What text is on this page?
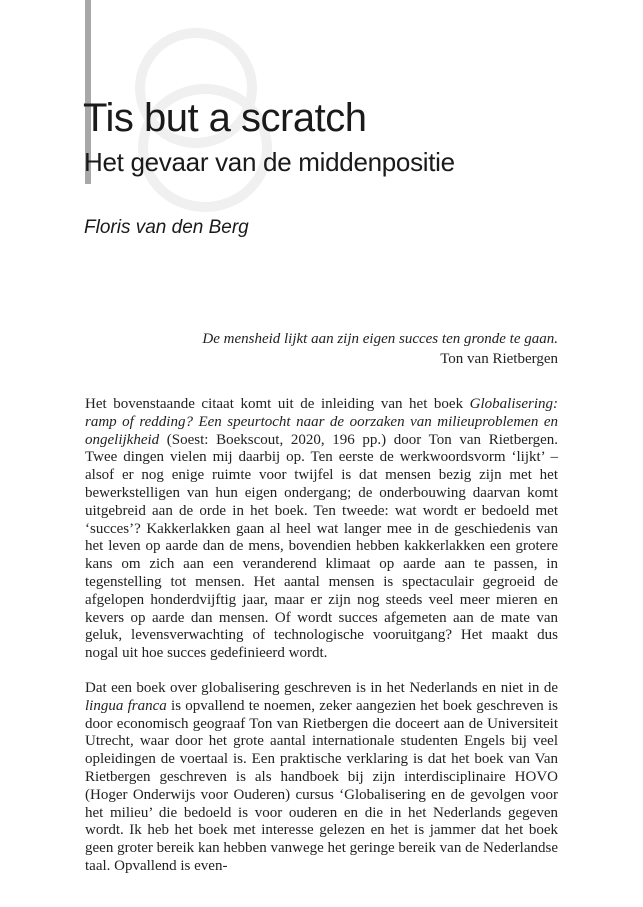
Tis but a scratch
Het gevaar van de middenpositie
Floris van den Berg
De mensheid lijkt aan zijn eigen succes ten gronde te gaan.
Ton van Rietbergen

Het bovenstaande citaat komt uit de inleiding van het boek Globalisering: ramp of redding? Een speurtocht naar de oorzaken van milieuproblemen en ongelijkheid (Soest: Boekscout, 2020, 196 pp.) door Ton van Rietbergen. Twee dingen vielen mij daarbij op. Ten eerste de werkwoordsvorm ‘lijkt’ – alsof er nog enige ruimte voor twijfel is dat mensen bezig zijn met het bewerkstelligen van hun eigen ondergang; de onderbouwing daarvan komt uitgebreid aan de orde in het boek. Ten tweede: wat wordt er bedoeld met ‘succes’? Kakkerlakken gaan al heel wat langer mee in de geschiedenis van het leven op aarde dan de mens, bovendien hebben kakkerlakken een grotere kans om zich aan een veranderend klimaat op aarde aan te passen, in tegenstelling tot mensen. Het aantal mensen is spectaculair gegroeid de afgelopen honderdvijftig jaar, maar er zijn nog steeds veel meer mieren en kevers op aarde dan mensen. Of wordt succes afgemeten aan de mate van geluk, levensverwachting of technologische vooruitgang? Het maakt dus nogal uit hoe succes gedefinieerd wordt.

Dat een boek over globalisering geschreven is in het Nederlands en niet in de lingua franca is opvallend te noemen, zeker aangezien het boek geschreven is door economisch geograaf Ton van Rietbergen die doceert aan de Universiteit Utrecht, waar door het grote aantal internationale studenten Engels bij veel opleidingen de voertaal is. Een praktische verklaring is dat het boek van Van Rietbergen geschreven is als handboek bij zijn interdisciplinaire HOVO (Hoger Onderwijs voor Ouderen) cursus ‘Globalisering en de gevolgen voor het milieu’ die bedoeld is voor ouderen en die in het Nederlands gegeven wordt. Ik heb het boek met interesse gelezen en het is jammer dat het boek geen groter bereik kan hebben vanwege het geringe bereik van de Nederlandse taal. Opvallend is even-
